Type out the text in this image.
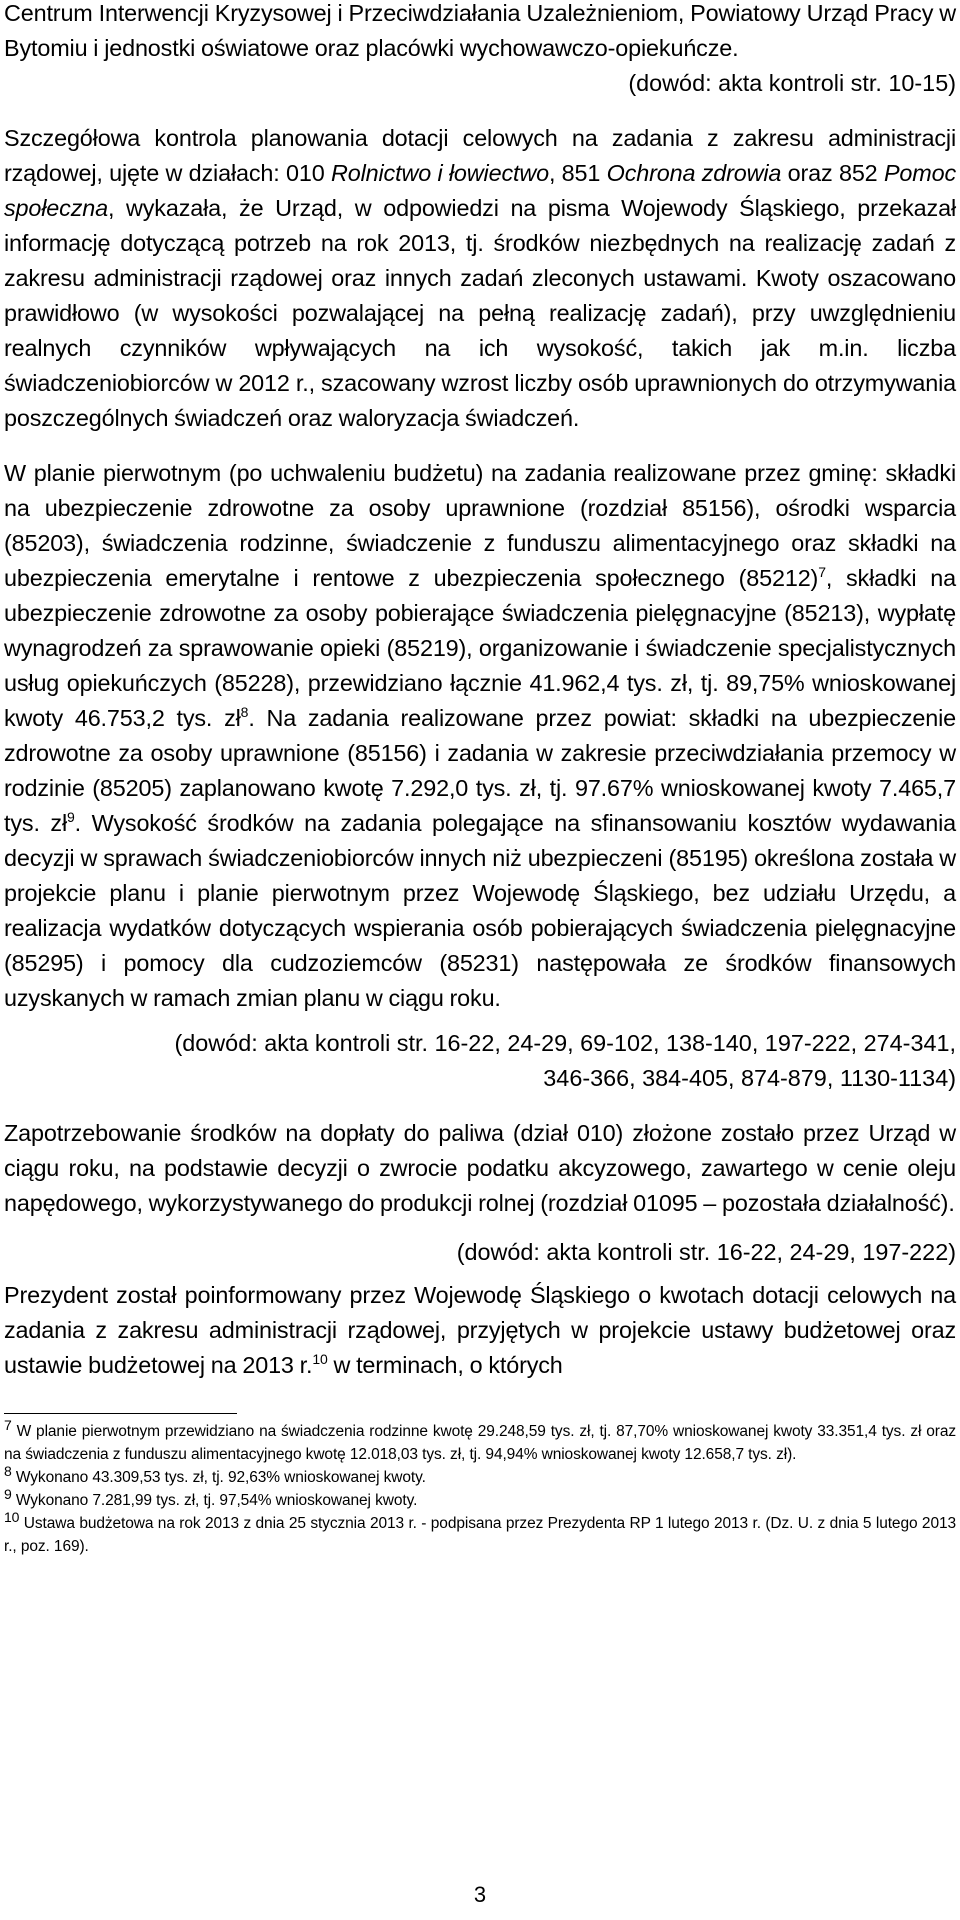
Centrum Interwencji Kryzysowej i Przeciwdziałania Uzależnieniom, Powiatowy Urząd Pracy w Bytomiu i jednostki oświatowe oraz placówki wychowawczo-opiekuńcze.

(dowód: akta kontroli str. 10-15)

Szczegółowa kontrola planowania dotacji celowych na zadania z zakresu administracji rządowej, ujęte w działach: 010 Rolnictwo i łowiectwo, 851 Ochrona zdrowia oraz 852 Pomoc społeczna, wykazała, że Urząd, w odpowiedzi na pisma Wojewody Śląskiego, przekazał informację dotyczącą potrzeb na rok 2013, tj. środków niezbędnych na realizację zadań z zakresu administracji rządowej oraz innych zadań zleconych ustawami. Kwoty oszacowano prawidłowo (w wysokości pozwalającej na pełną realizację zadań), przy uwzględnieniu realnych czynników wpływających na ich wysokość, takich jak m.in. liczba świadczeniobiorców w 2012 r., szacowany wzrost liczby osób uprawnionych do otrzymywania poszczególnych świadczeń oraz waloryzacja świadczeń.

W planie pierwotnym (po uchwaleniu budżetu) na zadania realizowane przez gminę: składki na ubezpieczenie zdrowotne za osoby uprawnione (rozdział 85156), ośrodki wsparcia (85203), świadczenia rodzinne, świadczenie z funduszu alimentacyjnego oraz składki na ubezpieczenia emerytalne i rentowe z ubezpieczenia społecznego $(85212)^7$, składki na ubezpieczenie zdrowotne za osoby pobierające świadczenia pielęgnacyjne (85213), wypłatę wynagrodzeń za sprawowanie opieki (85219), organizowanie i świadczenie specjalistycznych usług opiekuńczych (85228), przewidziano łącznie 41.962,4 tys. zł, tj. 89,75% wnioskowanej kwoty 46.753,2 tys. $zł^8$. Na zadania realizowane przez powiat: składki na ubezpieczenie zdrowotne za osoby uprawnione (85156) i zadania w zakresie przeciwdziałania przemocy w rodzinie (85205) zaplanowano kwotę 7.292,0 tys. zł, tj. 97.67% wnioskowanej kwoty 7.465,7 tys. $zł^9$. Wysokość środków na zadania polegające na sfinansowaniu kosztów wydawania decyzji w sprawach świadczeniobiorców innych niż ubezpieczeni (85195) określona została w projekcie planu i planie pierwotnym przez Wojewodę Śląskiego, bez udziału Urzędu, a realizacja wydatków dotyczących wspierania osób pobierających świadczenia pielęgnacyjne (85295) i pomocy dla cudzoziemców (85231) następowała ze środków finansowych uzyskanych w ramach zmian planu w ciągu roku.

(dowód: akta kontroli str. 16-22, 24-29, 69-102, 138-140, 197-222, 274-341, 346-366, 384-405, 874-879, 1130-1134)

Zapotrzebowanie środków na dopłaty do paliwa (dział 010) złożone zostało przez Urząd w ciągu roku, na podstawie decyzji o zwrocie podatku akcyzowego, zawartego w cenie oleju napędowego, wykorzystywanego do produkcji rolnej (rozdział 01095 – pozostała działalność).

(dowód: akta kontroli str. 16-22, 24-29, 197-222)

Prezydent został poinformowany przez Wojewodę Śląskiego o kwotach dotacji celowych na zadania z zakresu administracji rządowej, przyjętych w projekcie ustawy budżetowej oraz ustawie budżetowej na 2013 r.$^{10}$ w terminach, o których

7 W planie pierwotnym przewidziano na świadczenia rodzinne kwotę 29.248,59 tys. zł, tj. 87,70% wnioskowanej kwoty 33.351,4 tys. zł oraz na świadczenia z funduszu alimentacyjnego kwotę 12.018,03 tys. zł, tj. 94,94% wnioskowanej kwoty 12.658,7 tys. zł).

8 Wykonano 43.309,53 tys. zł, tj. 92,63% wnioskowanej kwoty.

9 Wykonano 7.281,99 tys. zł, tj. 97,54% wnioskowanej kwoty.

10 Ustawa budżetowa na rok 2013 z dnia 25 stycznia 2013 r. - podpisana przez Prezydenta RP 1 lutego 2013 r. (Dz. U. z dnia 5 lutego 2013 r., poz. 169).

3
